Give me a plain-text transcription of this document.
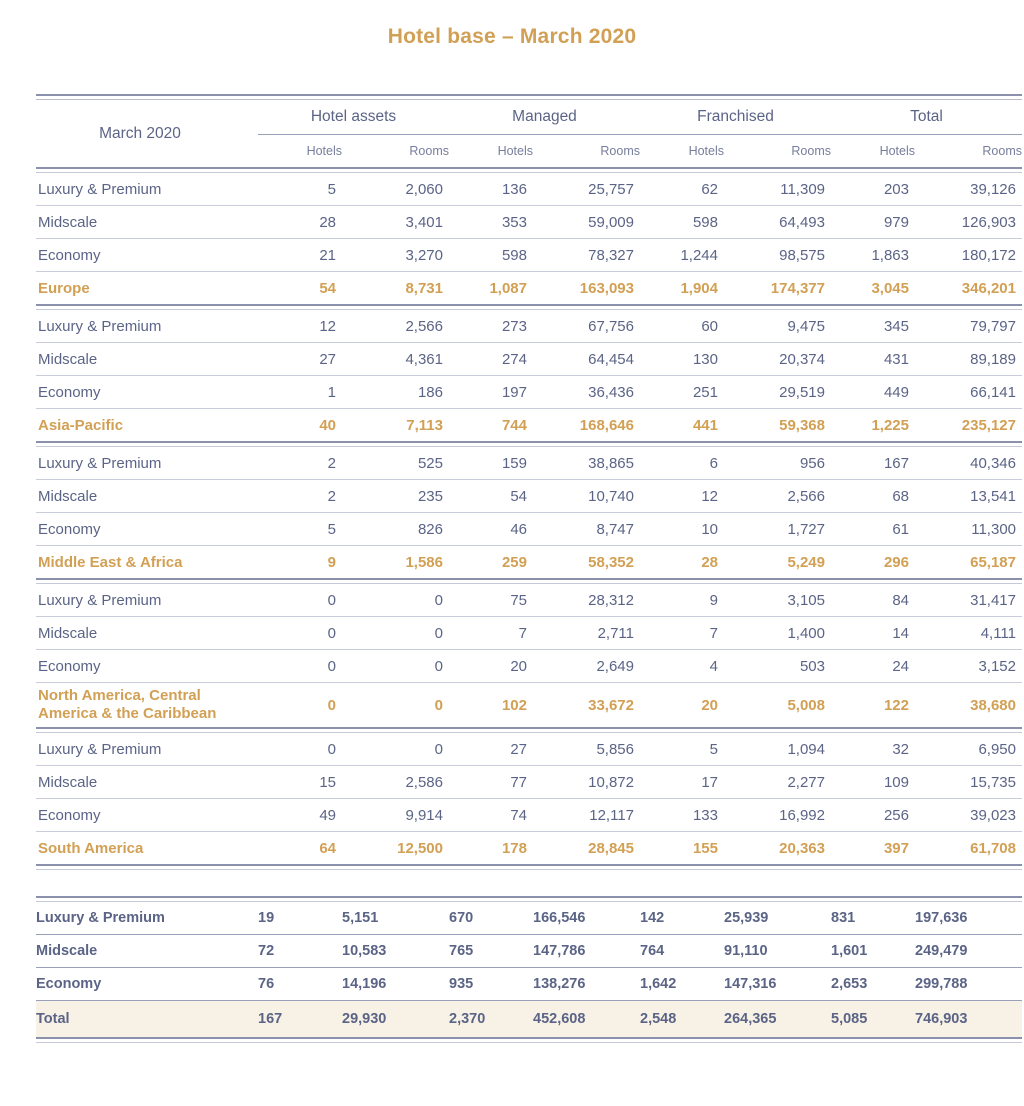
Hotel base – March 2020

March 2020	Hotel assets		Managed		Franchised		Total	
	Hotels	Rooms	Hotels	Rooms	Hotels	Rooms	Hotels	Rooms

Luxury & Premium	5	2,060	136	25,757	62	11,309	203	39,126
Midscale	28	3,401	353	59,009	598	64,493	979	126,903
Economy	21	3,270	598	78,327	1,244	98,575	1,863	180,172
Europe	54	8,731	1,087	163,093	1,904	174,377	3,045	346,201

Luxury & Premium	12	2,566	273	67,756	60	9,475	345	79,797
Midscale	27	4,361	274	64,454	130	20,374	431	89,189
Economy	1	186	197	36,436	251	29,519	449	66,141
Asia-Pacific	40	7,113	744	168,646	441	59,368	1,225	235,127

Luxury & Premium	2	525	159	38,865	6	956	167	40,346
Midscale	2	235	54	10,740	12	2,566	68	13,541
Economy	5	826	46	8,747	10	1,727	61	11,300
Middle East & Africa	9	1,586	259	58,352	28	5,249	296	65,187

Luxury & Premium	0	0	75	28,312	9	3,105	84	31,417
Midscale	0	0	7	2,711	7	1,400	14	4,111
Economy	0	0	20	2,649	4	503	24	3,152

North America, Central
America & the Caribbean	0	0	102	33,672	20	5,008	122	38,680

Luxury & Premium	0	0	27	5,856	5	1,094	32	6,950
Midscale	15	2,586	77	10,872	17	2,277	109	15,735
Economy	49	9,914	74	12,117	133	16,992	256	39,023
South America	64	12,500	178	28,845	155	20,363	397	61,708

Luxury & Premium	19	5,151	670	166,546	142	25,939	831	197,636
Midscale	72	10,583	765	147,786	764	91,110	1,601	249,479
Economy	76	14,196	935	138,276	1,642	147,316	2,653	299,788
Total	167	29,930	2,370	452,608	2,548	264,365	5,085	746,903
